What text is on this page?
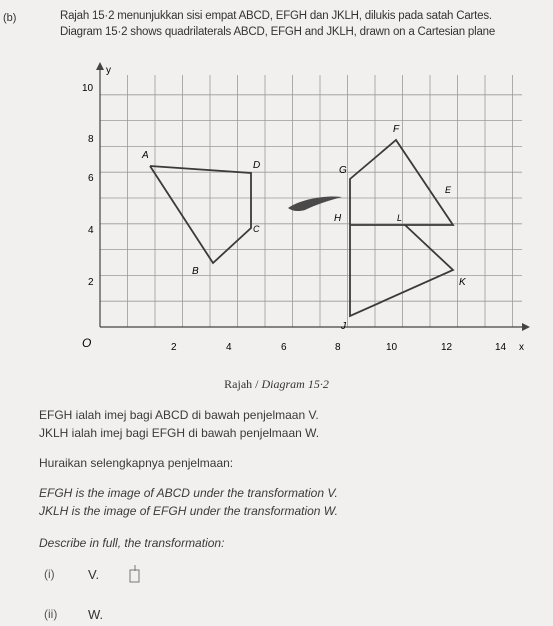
(b)	Rajah 15·2 menunjukkan sisi empat ABCD, EFGH dan JKLH, dilukis pada satah Cartes.
Diagram 15·2 shows quadrilaterals ABCD, EFGH and JKLH, drawn on a Cartesian plane
y
x
O	2	4	6	8	10	12	14
2
4
6
8
10
A
B
C
D
E
F
G
H
J
K
L
Rajah / Diagram 15·2
EFGH ialah imej bagi ABCD di bawah penjelmaan V.
JKLH ialah imej bagi EFGH di bawah penjelmaan W.
Huraikan selengkapnya penjelmaan:
EFGH is the image of ABCD under the transformation V.
JKLH is the image of EFGH under the transformation W.
Describe in full, the transformation:
(i)	V.
(ii) W.
